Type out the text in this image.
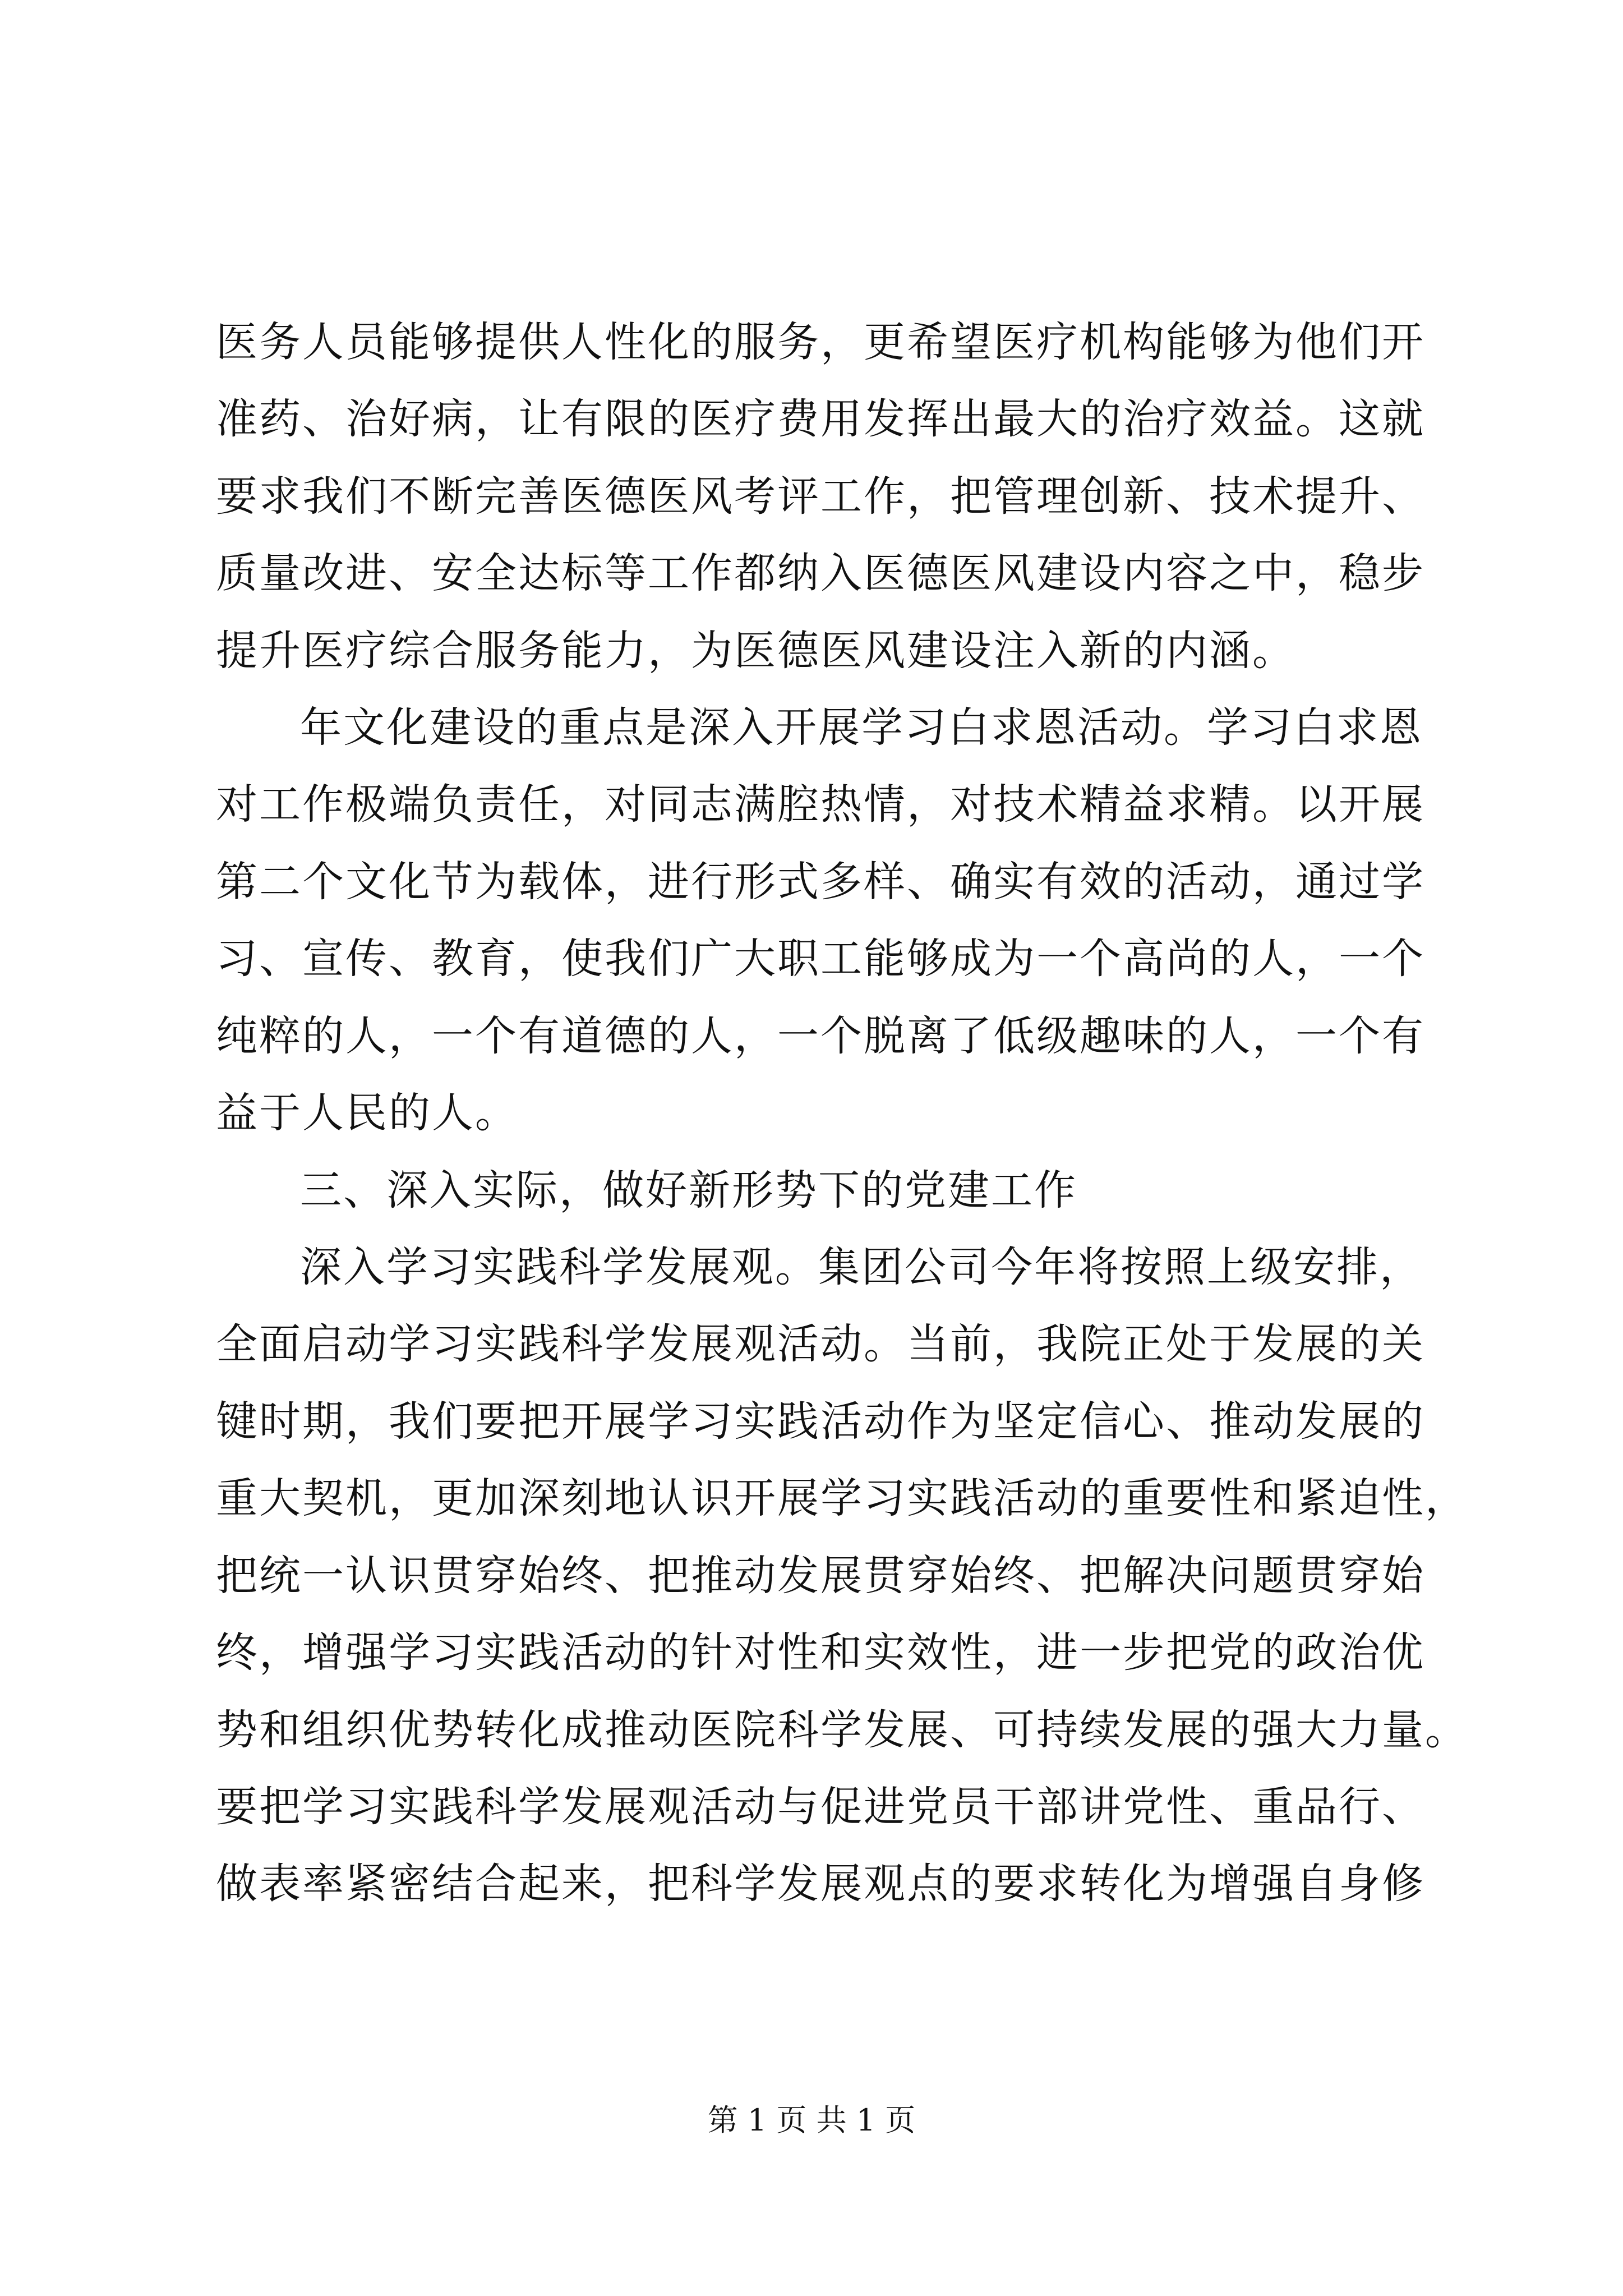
医务人员能够提供人性化的服务，更希望医疗机构能够为他们开
准药、治好病，让有限的医疗费用发挥出最大的治疗效益。这就
要求我们不断完善医德医风考评工作，把管理创新、技术提升、
质量改进、安全达标等工作都纳入医德医风建设内容之中，稳步
提升医疗综合服务能力，为医德医风建设注入新的内涵。
年文化建设的重点是深入开展学习白求恩活动。学习白求恩
对工作极端负责任，对同志满腔热情，对技术精益求精。以开展
第二个文化节为载体，进行形式多样、确实有效的活动，通过学
习、宣传、教育，使我们广大职工能够成为一个高尚的人，一个
纯粹的人，一个有道德的人，一个脱离了低级趣味的人，一个有
益于人民的人。
三、深入实际，做好新形势下的党建工作
深入学习实践科学发展观。集团公司今年将按照上级安排，
全面启动学习实践科学发展观活动。当前，我院正处于发展的关
键时期，我们要把开展学习实践活动作为坚定信心、推动发展的
重大契机，更加深刻地认识开展学习实践活动的重要性和紧迫性，
把统一认识贯穿始终、把推动发展贯穿始终、把解决问题贯穿始
终，增强学习实践活动的针对性和实效性，进一步把党的政治优
势和组织优势转化成推动医院科学发展、可持续发展的强大力量。
要把学习实践科学发展观活动与促进党员干部讲党性、重品行、
做表率紧密结合起来，把科学发展观点的要求转化为增强自身修
第 1 页 共 1 页
